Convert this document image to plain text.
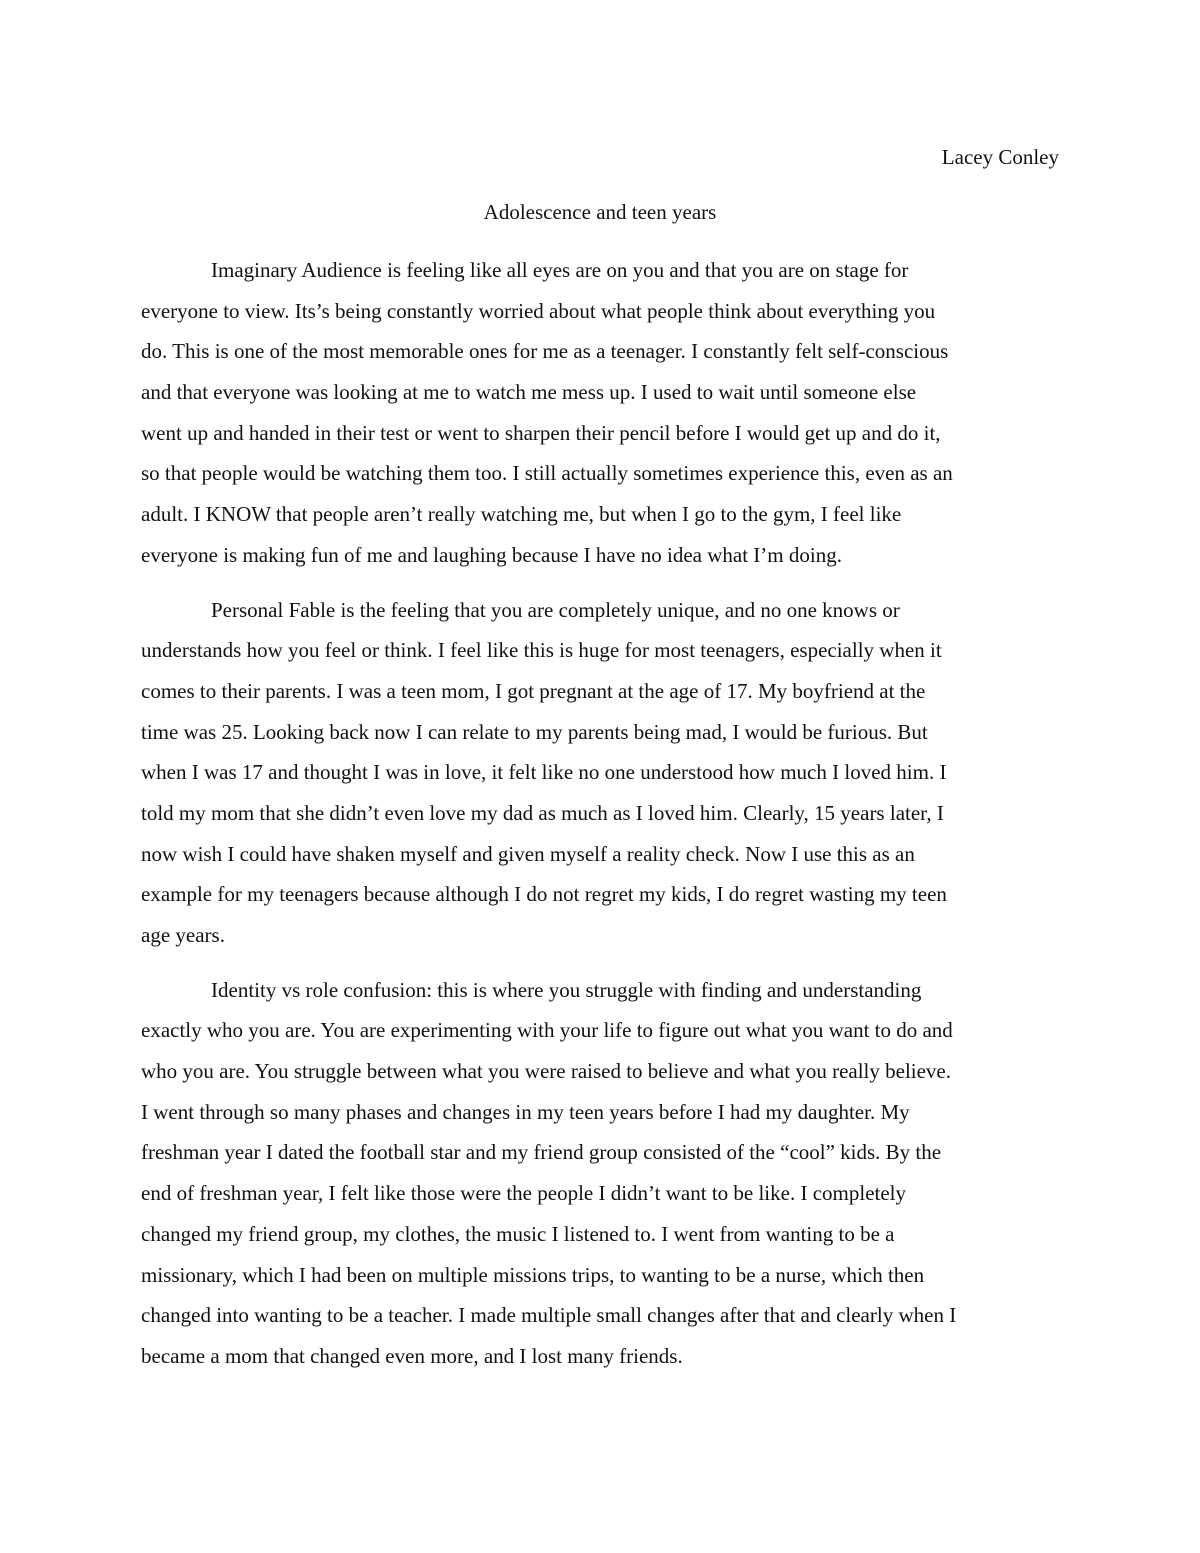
Lacey Conley
Adolescence and teen years
Imaginary Audience is feeling like all eyes are on you and that you are on stage for
everyone to view. Its’s being constantly worried about what people think about everything you
do. This is one of the most memorable ones for me as a teenager. I constantly felt self-conscious
and that everyone was looking at me to watch me mess up. I used to wait until someone else
went up and handed in their test or went to sharpen their pencil before I would get up and do it,
so that people would be watching them too. I still actually sometimes experience this, even as an
adult. I KNOW that people aren’t really watching me, but when I go to the gym, I feel like
everyone is making fun of me and laughing because I have no idea what I’m doing.
Personal Fable is the feeling that you are completely unique, and no one knows or
understands how you feel or think. I feel like this is huge for most teenagers, especially when it
comes to their parents. I was a teen mom, I got pregnant at the age of 17. My boyfriend at the
time was 25. Looking back now I can relate to my parents being mad, I would be furious. But
when I was 17 and thought I was in love, it felt like no one understood how much I loved him. I
told my mom that she didn’t even love my dad as much as I loved him. Clearly, 15 years later, I
now wish I could have shaken myself and given myself a reality check. Now I use this as an
example for my teenagers because although I do not regret my kids, I do regret wasting my teen
age years.
Identity vs role confusion: this is where you struggle with finding and understanding
exactly who you are. You are experimenting with your life to figure out what you want to do and
who you are. You struggle between what you were raised to believe and what you really believe.
I went through so many phases and changes in my teen years before I had my daughter. My
freshman year I dated the football star and my friend group consisted of the “cool” kids. By the
end of freshman year, I felt like those were the people I didn’t want to be like. I completely
changed my friend group, my clothes, the music I listened to. I went from wanting to be a
missionary, which I had been on multiple missions trips, to wanting to be a nurse, which then
changed into wanting to be a teacher. I made multiple small changes after that and clearly when I
became a mom that changed even more, and I lost many friends.
